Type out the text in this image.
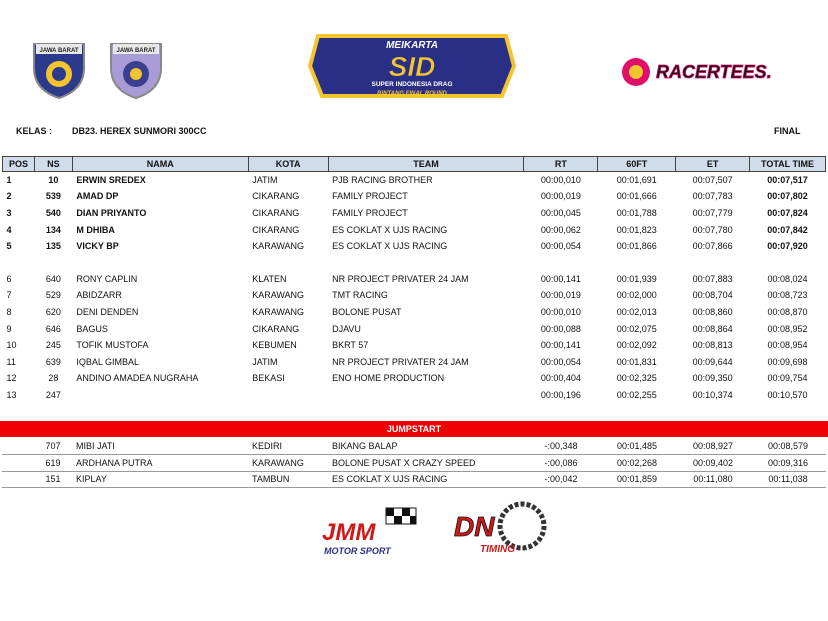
JAWA BARAT	JAWA BARAT	MEIKARTA
SID
SUPER INDONESIA DRAG
BINTANG FINAL ROUND
RACERTEES.
KELAS : DB23. HEREX SUNMORI 300CC	FINAL
POS	NS	NAMA	KOTA	TEAM	RT	60FT	ET	TOTAL TIME
1	10	ERWIN SREDEX	JATIM	PJB RACING BROTHER	00:00,010	00:01,691	00:07,507	00:07,517
2	539	AMAD DP	CIKARANG	FAMILY PROJECT	00:00,019	00:01,666	00:07,783	00:07,802
3	540	DIAN PRIYANTO	CIKARANG	FAMILY PROJECT	00:00,045	00:01,788	00:07,779	00:07,824
4	134	M DHIBA	CIKARANG	ES COKLAT X UJS RACING	00:00,062	00:01,823	00:07,780	00:07,842
5	135	VICKY BP	KARAWANG	ES COKLAT X UJS RACING	00:00,054	00:01,866	00:07,866	00:07,920

6	640	RONY CAPLIN	KLATEN	NR PROJECT PRIVATER 24 JAM	00:00,141	00:01,939	00:07,883	00:08,024
7	529	ABIDZARR	KARAWANG	TMT RACING	00:00,019	00:02,000	00:08,704	00:08,723
8	620	DENI DENDEN	KARAWANG	BOLONE PUSAT	00:00,010	00:02,013	00:08,860	00:08,870
9	646	BAGUS	CIKARANG	DJAVU	00:00,088	00:02,075	00:08,864	00:08,952
10	245	TOFIK MUSTOFA	KEBUMEN	BKRT 57	00:00,141	00:02,092	00:08,813	00:08,954
11	639	IQBAL GIMBAL	JATIM	NR PROJECT PRIVATER 24 JAM	00:00,054	00:01,831	00:09,644	00:09,698
12	28	ANDINO AMADEA NUGRAHA	BEKASI	ENO HOME PRODUCTION	00:00,404	00:02,325	00:09,350	00:09,754
13	247				00:00,196	00:02,255	00:10,374	00:10,570
JUMPSTART
	707	MIBI JATI	KEDIRI	BIKANG BALAP	-:00,348	00:01,485	00:08,927	00:08,579
	619	ARDHANA PUTRA	KARAWANG	BOLONE PUSAT X CRAZY SPEED	-:00,086	00:02,268	00:09,402	00:09,316
	151	KIPLAY	TAMBUN	ES COKLAT X UJS RACING	-:00,042	00:01,859	00:11,080	00:11,038
JMM
MOTOR SPORT
DN
TIMING
